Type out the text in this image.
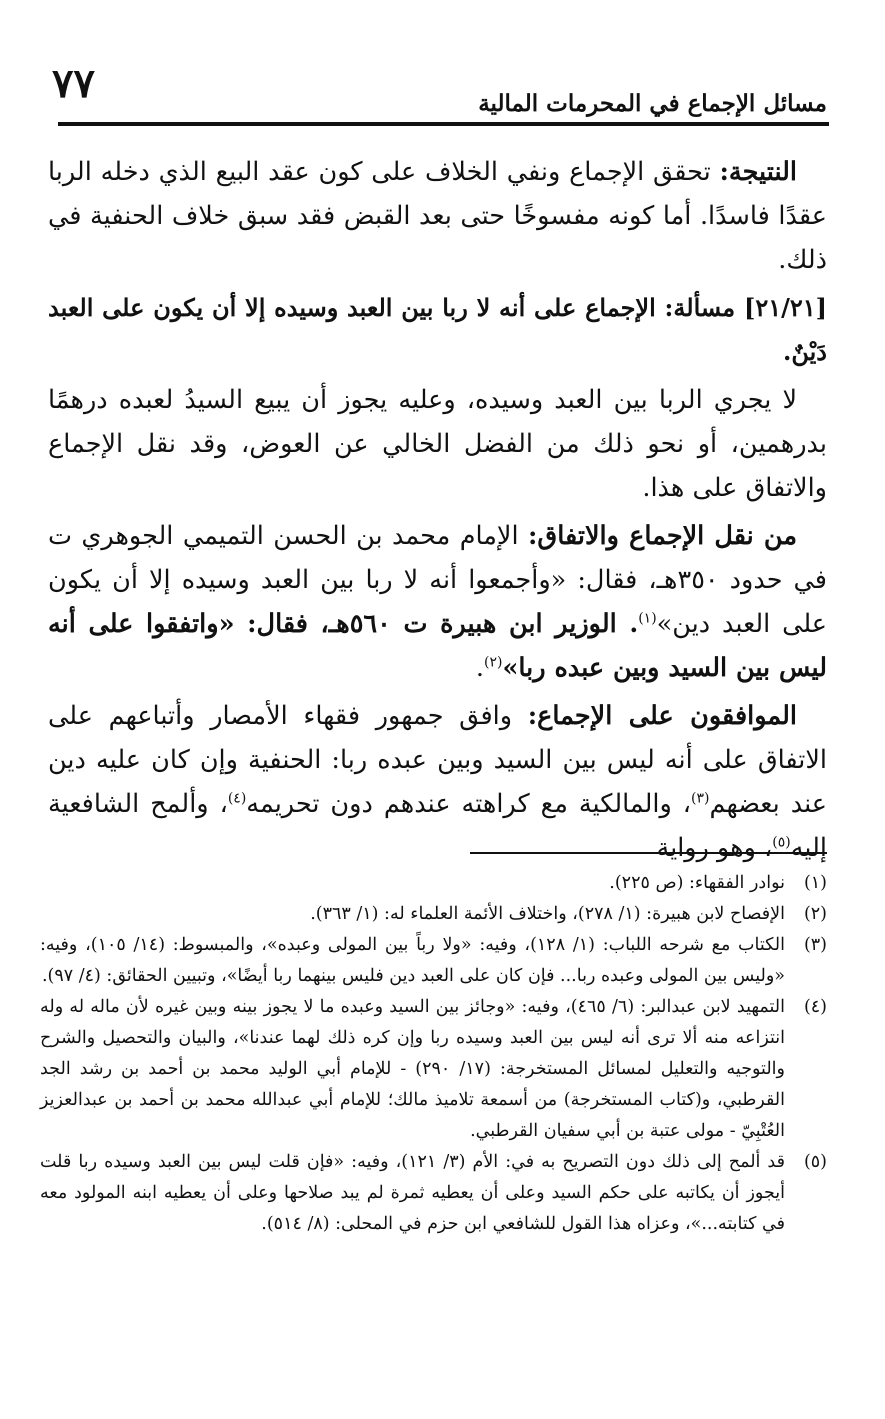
٧٧	مسائل الإجماع في المحرمات المالية

النتيجة: تحقق الإجماع ونفي الخلاف على كون عقد البيع الذي دخله الربا عقدًا فاسدًا. أما كونه مفسوخًا حتى بعد القبض فقد سبق خلاف الحنفية في ذلك.

[٢١/٢١] مسألة: الإجماع على أنه لا ربا بين العبد وسيده إلا أن يكون على العبد دَيْنٌ.

لا يجري الربا بين العبد وسيده، وعليه يجوز أن يبيع السيدُ لعبده درهمًا بدرهمين، أو نحو ذلك من الفضل الخالي عن العوض، وقد نقل الإجماع والاتفاق على هذا.

من نقل الإجماع والاتفاق: الإمام محمد بن الحسن التميمي الجوهري ت في حدود ٣٥٠هـ، فقال: «وأجمعوا أنه لا ربا بين العبد وسيده إلا أن يكون على العبد دين»$^{(١)}$. الوزير ابن هبيرة ت ٥٦٠هـ، فقال: «واتفقوا على أنه ليس بين السيد وبين عبده ربا»$^{(٢)}$.

الموافقون على الإجماع: وافق جمهور فقهاء الأمصار وأتباعهم على الاتفاق على أنه ليس بين السيد وبين عبده ربا: الحنفية وإن كان عليه دين عند بعضهم$^{(٣)}$، والمالكية مع كراهته عندهم دون تحريمه$^{(٤)}$، وألمح الشافعية إليه$^{(٥)}$، وهو رواية

(١)
نوادر الفقهاء: (ص ٢٢٥).

(٢)
الإفصاح لابن هبيرة: (١/ ٢٧٨)، واختلاف الأئمة العلماء له: (١/ ٣٦٣).

(٣)
الكتاب مع شرحه اللباب: (١/ ١٢٨)، وفيه: «ولا رباً بين المولى وعبده»، والمبسوط: (١٤/ ١٠٥)، وفيه: «وليس بين المولى وعبده ربا... فإن كان على العبد دين فليس بينهما ربا أيضًا»، وتبيين الحقائق: (٤/ ٩٧).

(٤)
التمهيد لابن عبدالبر: (٦/ ٤٦٥)، وفيه: «وجائز بين السيد وعبده ما لا يجوز بينه وبين غيره لأن ماله له وله انتزاعه منه ألا ترى أنه ليس بين العبد وسيده ربا وإن كره ذلك لهما عندنا»، والبيان والتحصيل والشرح والتوجيه والتعليل لمسائل المستخرجة: (١٧/ ٢٩٠) - للإمام أبي الوليد محمد بن أحمد بن رشد الجد القرطبي، و(كتاب المستخرجة) من أسمعة تلاميذ مالك؛ للإمام أبي عبدالله محمد بن أحمد بن عبدالعزيز العُتْبِيّ - مولى عتبة بن أبي سفيان القرطبي.

(٥)
قد ألمح إلى ذلك دون التصريح به في: الأم (٣/ ١٢١)، وفيه: «فإن قلت ليس بين العبد وسيده ربا قلت أيجوز أن يكاتبه على حكم السيد وعلى أن يعطيه ثمرة لم يبد صلاحها وعلى أن يعطيه ابنه المولود معه في كتابته...»، وعزاه هذا القول للشافعي ابن حزم في المحلى: (٨/ ٥١٤).
